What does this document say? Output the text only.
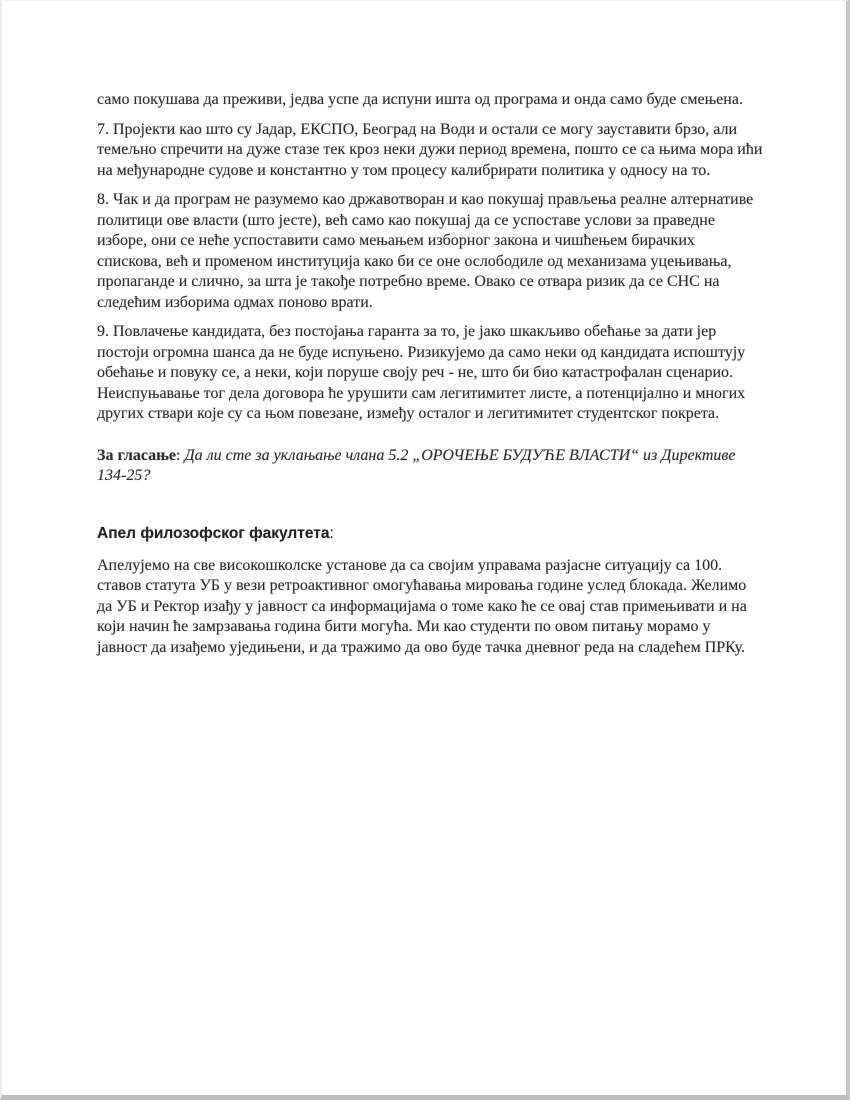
само покушава да преживи, једва успе да испуни ишта од програма и онда само буде смењена.

7. Пројекти као што су Јадар, ЕКСПО, Београд на Води и остали се могу зауставити брзо, али темељно спречити на дуже стазе тек кроз неки дужи период времена, пошто се са њима мора ићи на међународне судове и константно у том процесу калибрирати политика у односу на то.

8. Чак и да програм не разумемо као државотворан и као покушај прављења реалне алтернативе политици ове власти (што јесте), већ само као покушај да се успоставе услови за праведне изборе, они се неће успоставити само мењањем изборног закона и чишћењем бирачких спискова, већ и променом институција како би се оне ослободиле од механизама уцењивања, пропаганде и слично, за шта је такође потребно време. Овако се отвара ризик да се СНС на следећим изборима одмах поново врати.

9. Повлачење кандидата, без постојања гаранта за то, је јако шкакљиво обећање за дати јер постоји огромна шанса да не буде испуњено. Ризикујемо да само неки од кандидата испоштују обећање и повуку се, а неки, који поруше своју реч - не, што би био катастрофалан сценарио. Неиспуњавање тог дела договора ће урушити сам легитимитет листе, а потенцијално и многих других ствари које су са њом повезане, између осталог и легитимитет студентског покрета.

За гласање: Да ли сте за уклањање члана 5.2 „ОРОЧЕЊЕ БУДУЋЕ ВЛАСТИ“ из Директиве 134-25?

Апел филозофског факултета:

Апелујемо на све високошколске установе да са својим управама разјасне ситуацију са 100. ставов статута УБ у вези ретроактивног омогућавања мировања године услед блокада. Желимо да УБ и Ректор изађу у јавност са информацијама о томе како ће се овај став примењивати и на који начин ће замрзавања година бити могућа. Ми као студенти по овом питању морамо у јавност да изађемо уједињени, и да тражимо да ово буде тачка дневног реда на сладећем ПРКу.
